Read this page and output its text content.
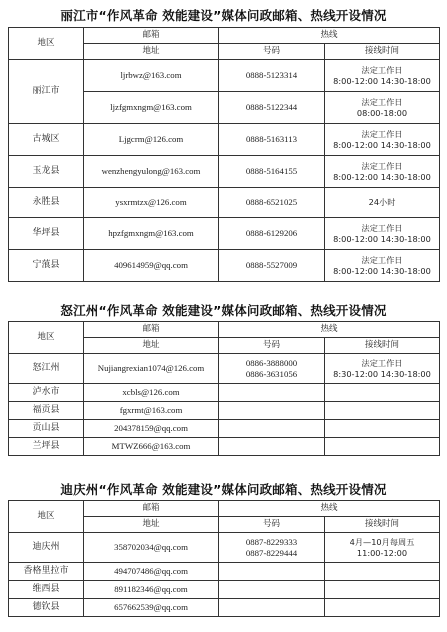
丽江市“作风革命 效能建设”媒体问政邮箱、热线开设情况
地区	邮箱	热线	
	地址	号码	接线时间
丽江市	ljrbwz@163.com	0888-5123314	法定工作日
8:00-12:00 14:30-18:00

	ljzfgmxngm@163.com	0888-5122344	法定工作日
08:00-18:00

古城区	Ljgcrm@126.com	0888-5163113	法定工作日
8:00-12:00 14:30-18:00

玉龙县	wenzhengyulong@163.com	0888-5164155	法定工作日
8:00-12:00 14:30-18:00

永胜县	ysxrmtzx@126.com	0888-6521025	24小时

华坪县	hpzfgmxngm@163.com	0888-6129206	法定工作日
8:00-12:00 14:30-18:00

宁蒗县	409614959@qq.com	0888-5527009	法定工作日
8:00-12:00 14:30-18:00
怒江州“作风革命 效能建设”媒体问政邮箱、热线开设情况
地区	邮箱	热线	
	地址	号码	接线时间
怒江州	Nujiangrexian1074@126.com	0886-3888000
0886-3631056	法定工作日
8:30-12:00 14:30-18:00

泸水市	xcbls@126.com		
福贡县	fgxrmt@163.com		
贡山县	204378159@qq.com		
兰坪县	MTWZ666@163.com		
迪庆州“作风革命 效能建设”媒体问政邮箱、热线开设情况
地区	邮箱	热线	
	地址	号码	接线时间
迪庆州	358702034@qq.com	0887-8229333
0887-8229444	4月—10月每周五
11:00-12:00

香格里拉市	494707486@qq.com		
维西县	891182346@qq.com		
德钦县	657662539@qq.com		
